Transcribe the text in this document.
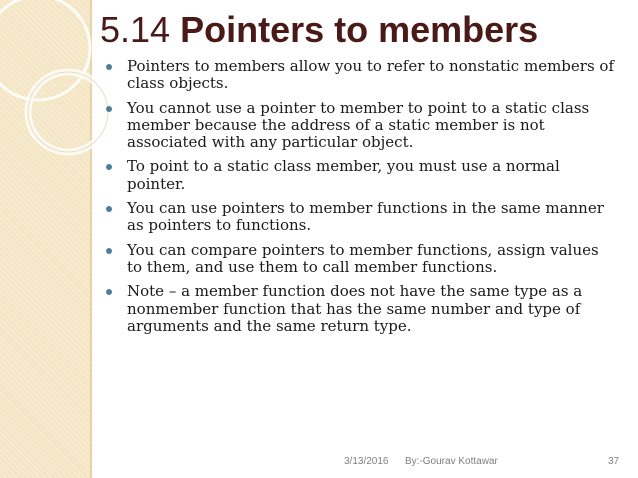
5.14 Pointers to members
Pointers to members allow you to refer to nonstatic members of class objects.
You cannot use a pointer to member to point to a static class member because the address of a static member is not associated with any particular object.
To point to a static class member, you must use a normal pointer.
You can use pointers to member functions in the same manner as pointers to functions.
You can compare pointers to member functions, assign values to them, and use them to call member functions.
Note – a member function does not have the same type as a nonmember function that has the same number and type of arguments and the same return type.
3/13/2016 By:-Gourav Kottawar	37
